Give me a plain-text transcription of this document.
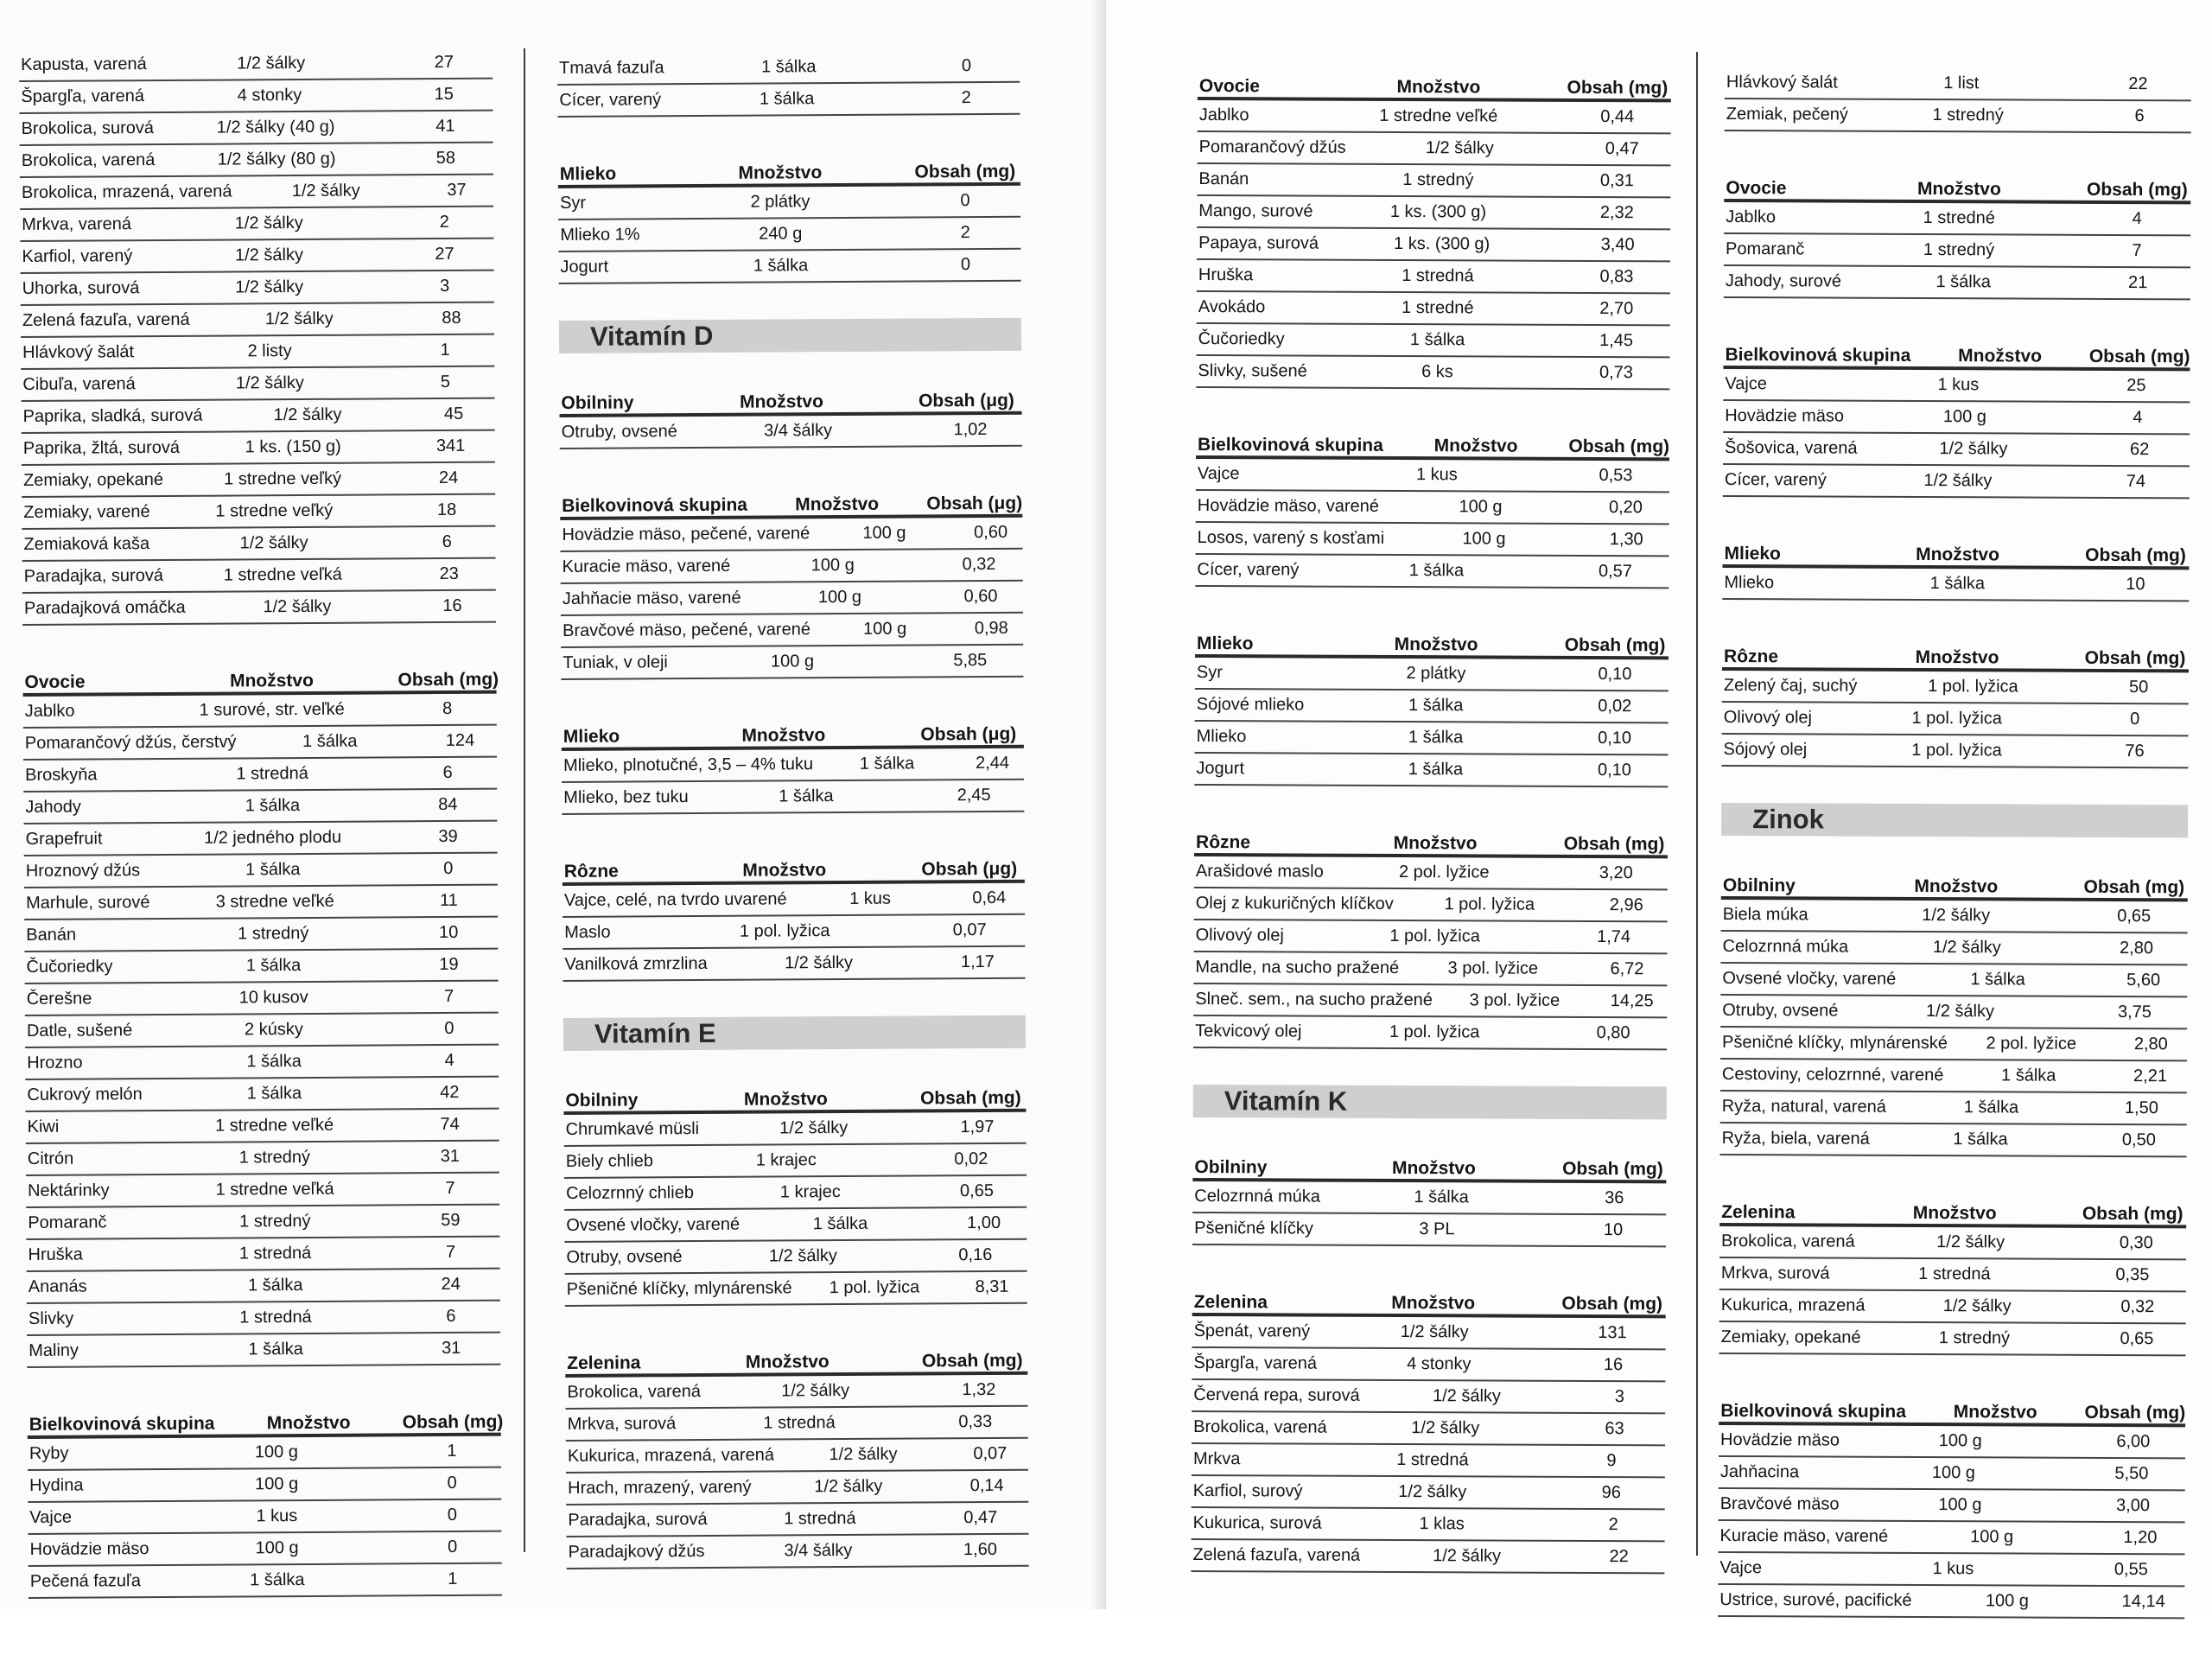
Kapusta, varená	1/2 šálky	27
Špargľa, varená	4 stonky	15
Brokolica, surová	1/2 šálky (40 g)	41
Brokolica, varená	1/2 šálky (80 g)	58
Brokolica, mrazená, varená	1/2 šálky	37
Mrkva, varená	1/2 šálky	2
Karfiol, varený	1/2 šálky	27
Uhorka, surová	1/2 šálky	3
Zelená fazuľa, varená	1/2 šálky	88
Hlávkový šalát	2 listy	1
Cibuľa, varená	1/2 šálky	5
Paprika, sladká, surová	1/2 šálky	45
Paprika, žltá, surová	1 ks. (150 g)	341
Zemiaky, opekané	1 stredne veľký	24
Zemiaky, varené	1 stredne veľký	18
Zemiaková kaša	1/2 šálky	6
Paradajka, surová	1 stredne veľká	23
Paradajková omáčka	1/2 šálky	16
Ovocie	Množstvo	Obsah (mg)
Jablko	1 surové, str. veľké	8
Pomarančový džús, čerstvý	1 šálka	124
Broskyňa	1 stredná	6
Jahody	1 šálka	84
Grapefruit	1/2 jedného plodu	39
Hroznový džús	1 šálka	0
Marhule, surové	3 stredne veľké	11
Banán	1 stredný	10
Čučoriedky	1 šálka	19
Čerešne	10 kusov	7
Datle, sušené	2 kúsky	0
Hrozno	1 šálka	4
Cukrový melón	1 šálka	42
Kiwi	1 stredne veľké	74
Citrón	1 stredný	31
Nektárinky	1 stredne veľká	7
Pomaranč	1 stredný	59
Hruška	1 stredná	7
Ananás	1 šálka	24
Slivky	1 stredná	6
Maliny	1 šálka	31
Bielkovinová skupina	Množstvo	Obsah (mg)
Ryby	100 g	1
Hydina	100 g	0
Vajce	1 kus	0
Hovädzie mäso	100 g	0
Pečená fazuľa	1 šálka	1
Tmavá fazuľa	1 šálka	0
Cícer, varený	1 šálka	2
Mlieko	Množstvo	Obsah (mg)
Syr	2 plátky	0
Mlieko 1%	240 g	2
Jogurt	1 šálka	0
Vitamín D
Obilniny	Množstvo	Obsah (μg)
Otruby, ovsené	3/4 šálky	1,02
Bielkovinová skupina	Množstvo	Obsah (μg)
Hovädzie mäso, pečené, varené	100 g	0,60
Kuracie mäso, varené	100 g	0,32
Jahňacie mäso, varené	100 g	0,60
Bravčové mäso, pečené, varené	100 g	0,98
Tuniak, v oleji	100 g	5,85
Mlieko	Množstvo	Obsah (μg)
Mlieko, plnotučné, 3,5 – 4% tuku	1 šálka	2,44
Mlieko, bez tuku	1 šálka	2,45
Rôzne	Množstvo	Obsah (μg)
Vajce, celé, na tvrdo uvarené	1 kus	0,64
Maslo	1 pol. lyžica	0,07
Vanilková zmrzlina	1/2 šálky	1,17
Vitamín E
Obilniny	Množstvo	Obsah (mg)
Chrumkavé müsli	1/2 šálky	1,97
Biely chlieb	1 krajec	0,02
Celozrnný chlieb	1 krajec	0,65
Ovsené vločky, varené	1 šálka	1,00
Otruby, ovsené	1/2 šálky	0,16
Pšeničné klíčky, mlynárenské	1 pol. lyžica	8,31
Zelenina	Množstvo	Obsah (mg)
Brokolica, varená	1/2 šálky	1,32
Mrkva, surová	1 stredná	0,33
Kukurica, mrazená, varená	1/2 šálky	0,07
Hrach, mrazený, varený	1/2 šálky	0,14
Paradajka, surová	1 stredná	0,47
Paradajkový džús	3/4 šálky	1,60
Ovocie	Množstvo	Obsah (mg)
Jablko	1 stredne veľké	0,44
Pomarančový džús	1/2 šálky	0,47
Banán	1 stredný	0,31
Mango, surové	1 ks. (300 g)	2,32
Papaya, surová	1 ks. (300 g)	3,40
Hruška	1 stredná	0,83
Avokádo	1 stredné	2,70
Čučoriedky	1 šálka	1,45
Slivky, sušené	6 ks	0,73
Bielkovinová skupina	Množstvo	Obsah (mg)
Vajce	1 kus	0,53
Hovädzie mäso, varené	100 g	0,20
Losos, varený s kosťami	100 g	1,30
Cícer, varený	1 šálka	0,57
Mlieko	Množstvo	Obsah (mg)
Syr	2 plátky	0,10
Sójové mlieko	1 šálka	0,02
Mlieko	1 šálka	0,10
Jogurt	1 šálka	0,10
Rôzne	Množstvo	Obsah (mg)
Arašidové maslo	2 pol. lyžice	3,20
Olej z kukuričných klíčkov	1 pol. lyžica	2,96
Olivový olej	1 pol. lyžica	1,74
Mandle, na sucho pražené	3 pol. lyžice	6,72
Slneč. sem., na sucho pražené	3 pol. lyžice	14,25
Tekvicový olej	1 pol. lyžica	0,80
Vitamín K
Obilniny	Množstvo	Obsah (mg)
Celozrnná múka	1 šálka	36
Pšeničné klíčky	3 PL	10
Zelenina	Množstvo	Obsah (mg)
Špenát, varený	1/2 šálky	131
Špargľa, varená	4 stonky	16
Červená repa, surová	1/2 šálky	3
Brokolica, varená	1/2 šálky	63
Mrkva	1 stredná	9
Karfiol, surový	1/2 šálky	96
Kukurica, surová	1 klas	2
Zelená fazuľa, varená	1/2 šálky	22
Hlávkový šalát	1 list	22
Zemiak, pečený	1 stredný	6
Ovocie	Množstvo	Obsah (mg)
Jablko	1 stredné	4
Pomaranč	1 stredný	7
Jahody, surové	1 šálka	21
Bielkovinová skupina	Množstvo	Obsah (mg)
Vajce	1 kus	25
Hovädzie mäso	100 g	4
Šošovica, varená	1/2 šálky	62
Cícer, varený	1/2 šálky	74
Mlieko	Množstvo	Obsah (mg)
Mlieko	1 šálka	10
Rôzne	Množstvo	Obsah (mg)
Zelený čaj, suchý	1 pol. lyžica	50
Olivový olej	1 pol. lyžica	0
Sójový olej	1 pol. lyžica	76
Zinok
Obilniny	Množstvo	Obsah (mg)
Biela múka	1/2 šálky	0,65
Celozrnná múka	1/2 šálky	2,80
Ovsené vločky, varené	1 šálka	5,60
Otruby, ovsené	1/2 šálky	3,75
Pšeničné klíčky, mlynárenské	2 pol. lyžice	2,80
Cestoviny, celozrnné, varené	1 šálka	2,21
Ryža, natural, varená	1 šálka	1,50
Ryža, biela, varená	1 šálka	0,50
Zelenina	Množstvo	Obsah (mg)
Brokolica, varená	1/2 šálky	0,30
Mrkva, surová	1 stredná	0,35
Kukurica, mrazená	1/2 šálky	0,32
Zemiaky, opekané	1 stredný	0,65
Bielkovinová skupina	Množstvo	Obsah (mg)
Hovädzie mäso	100 g	6,00
Jahňacina	100 g	5,50
Bravčové mäso	100 g	3,00
Kuracie mäso, varené	100 g	1,20
Vajce	1 kus	0,55
Ustrice, surové, pacifické	100 g	14,14
